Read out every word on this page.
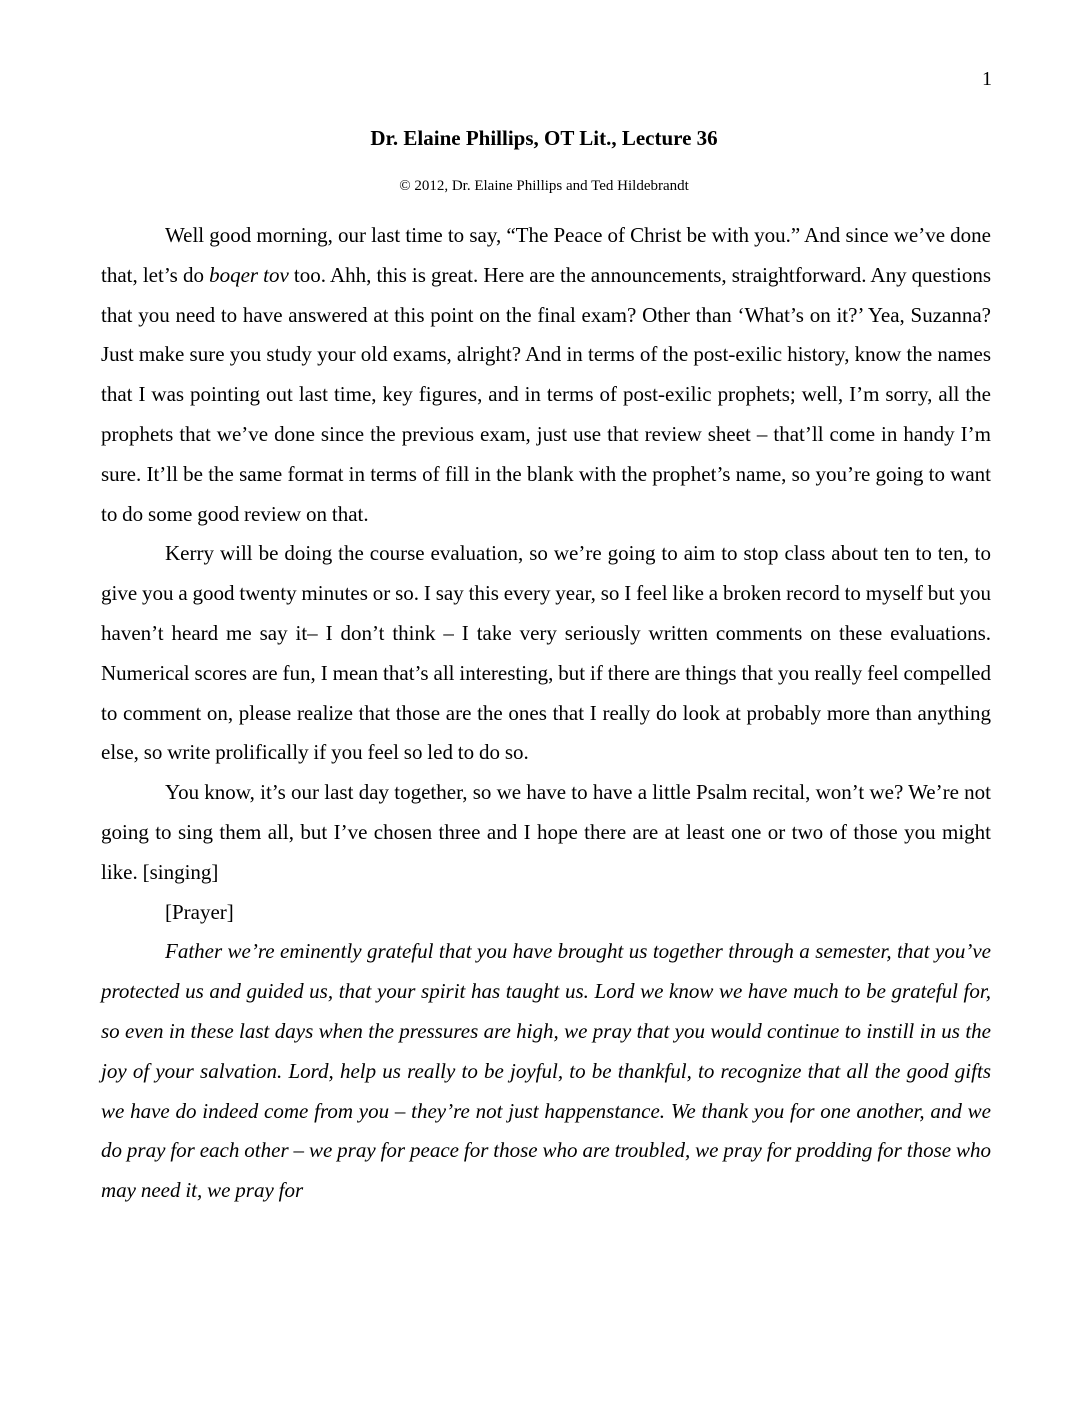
1
Dr. Elaine Phillips, OT Lit., Lecture 36
© 2012, Dr. Elaine Phillips and Ted Hildebrandt

Well good morning, our last time to say, “The Peace of Christ be with you.” And since we’ve done that, let’s do boqer tov too. Ahh, this is great. Here are the announcements, straightforward. Any questions that you need to have answered at this point on the final exam? Other than ‘What’s on it?’ Yea, Suzanna? Just make sure you study your old exams, alright? And in terms of the post-exilic history, know the names that I was pointing out last time, key figures, and in terms of post-exilic prophets; well, I’m sorry, all the prophets that we’ve done since the previous exam, just use that review sheet – that’ll come in handy I’m sure. It’ll be the same format in terms of fill in the blank with the prophet’s name, so you’re going to want to do some good review on that.

Kerry will be doing the course evaluation, so we’re going to aim to stop class about ten to ten, to give you a good twenty minutes or so. I say this every year, so I feel like a broken record to myself but you haven’t heard me say it– I don’t think – I take very seriously written comments on these evaluations. Numerical scores are fun, I mean that’s all interesting, but if there are things that you really feel compelled to comment on, please realize that those are the ones that I really do look at probably more than anything else, so write prolifically if you feel so led to do so.

You know, it’s our last day together, so we have to have a little Psalm recital, won’t we? We’re not going to sing them all, but I’ve chosen three and I hope there are at least one or two of those you might like. [singing]

[Prayer]

Father we’re eminently grateful that you have brought us together through a semester, that you’ve protected us and guided us, that your spirit has taught us. Lord we know we have much to be grateful for, so even in these last days when the pressures are high, we pray that you would continue to instill in us the joy of your salvation. Lord, help us really to be joyful, to be thankful, to recognize that all the good gifts we have do indeed come from you – they’re not just happenstance. We thank you for one another, and we do pray for each other – we pray for peace for those who are troubled, we pray for prodding for those who may need it, we pray for
